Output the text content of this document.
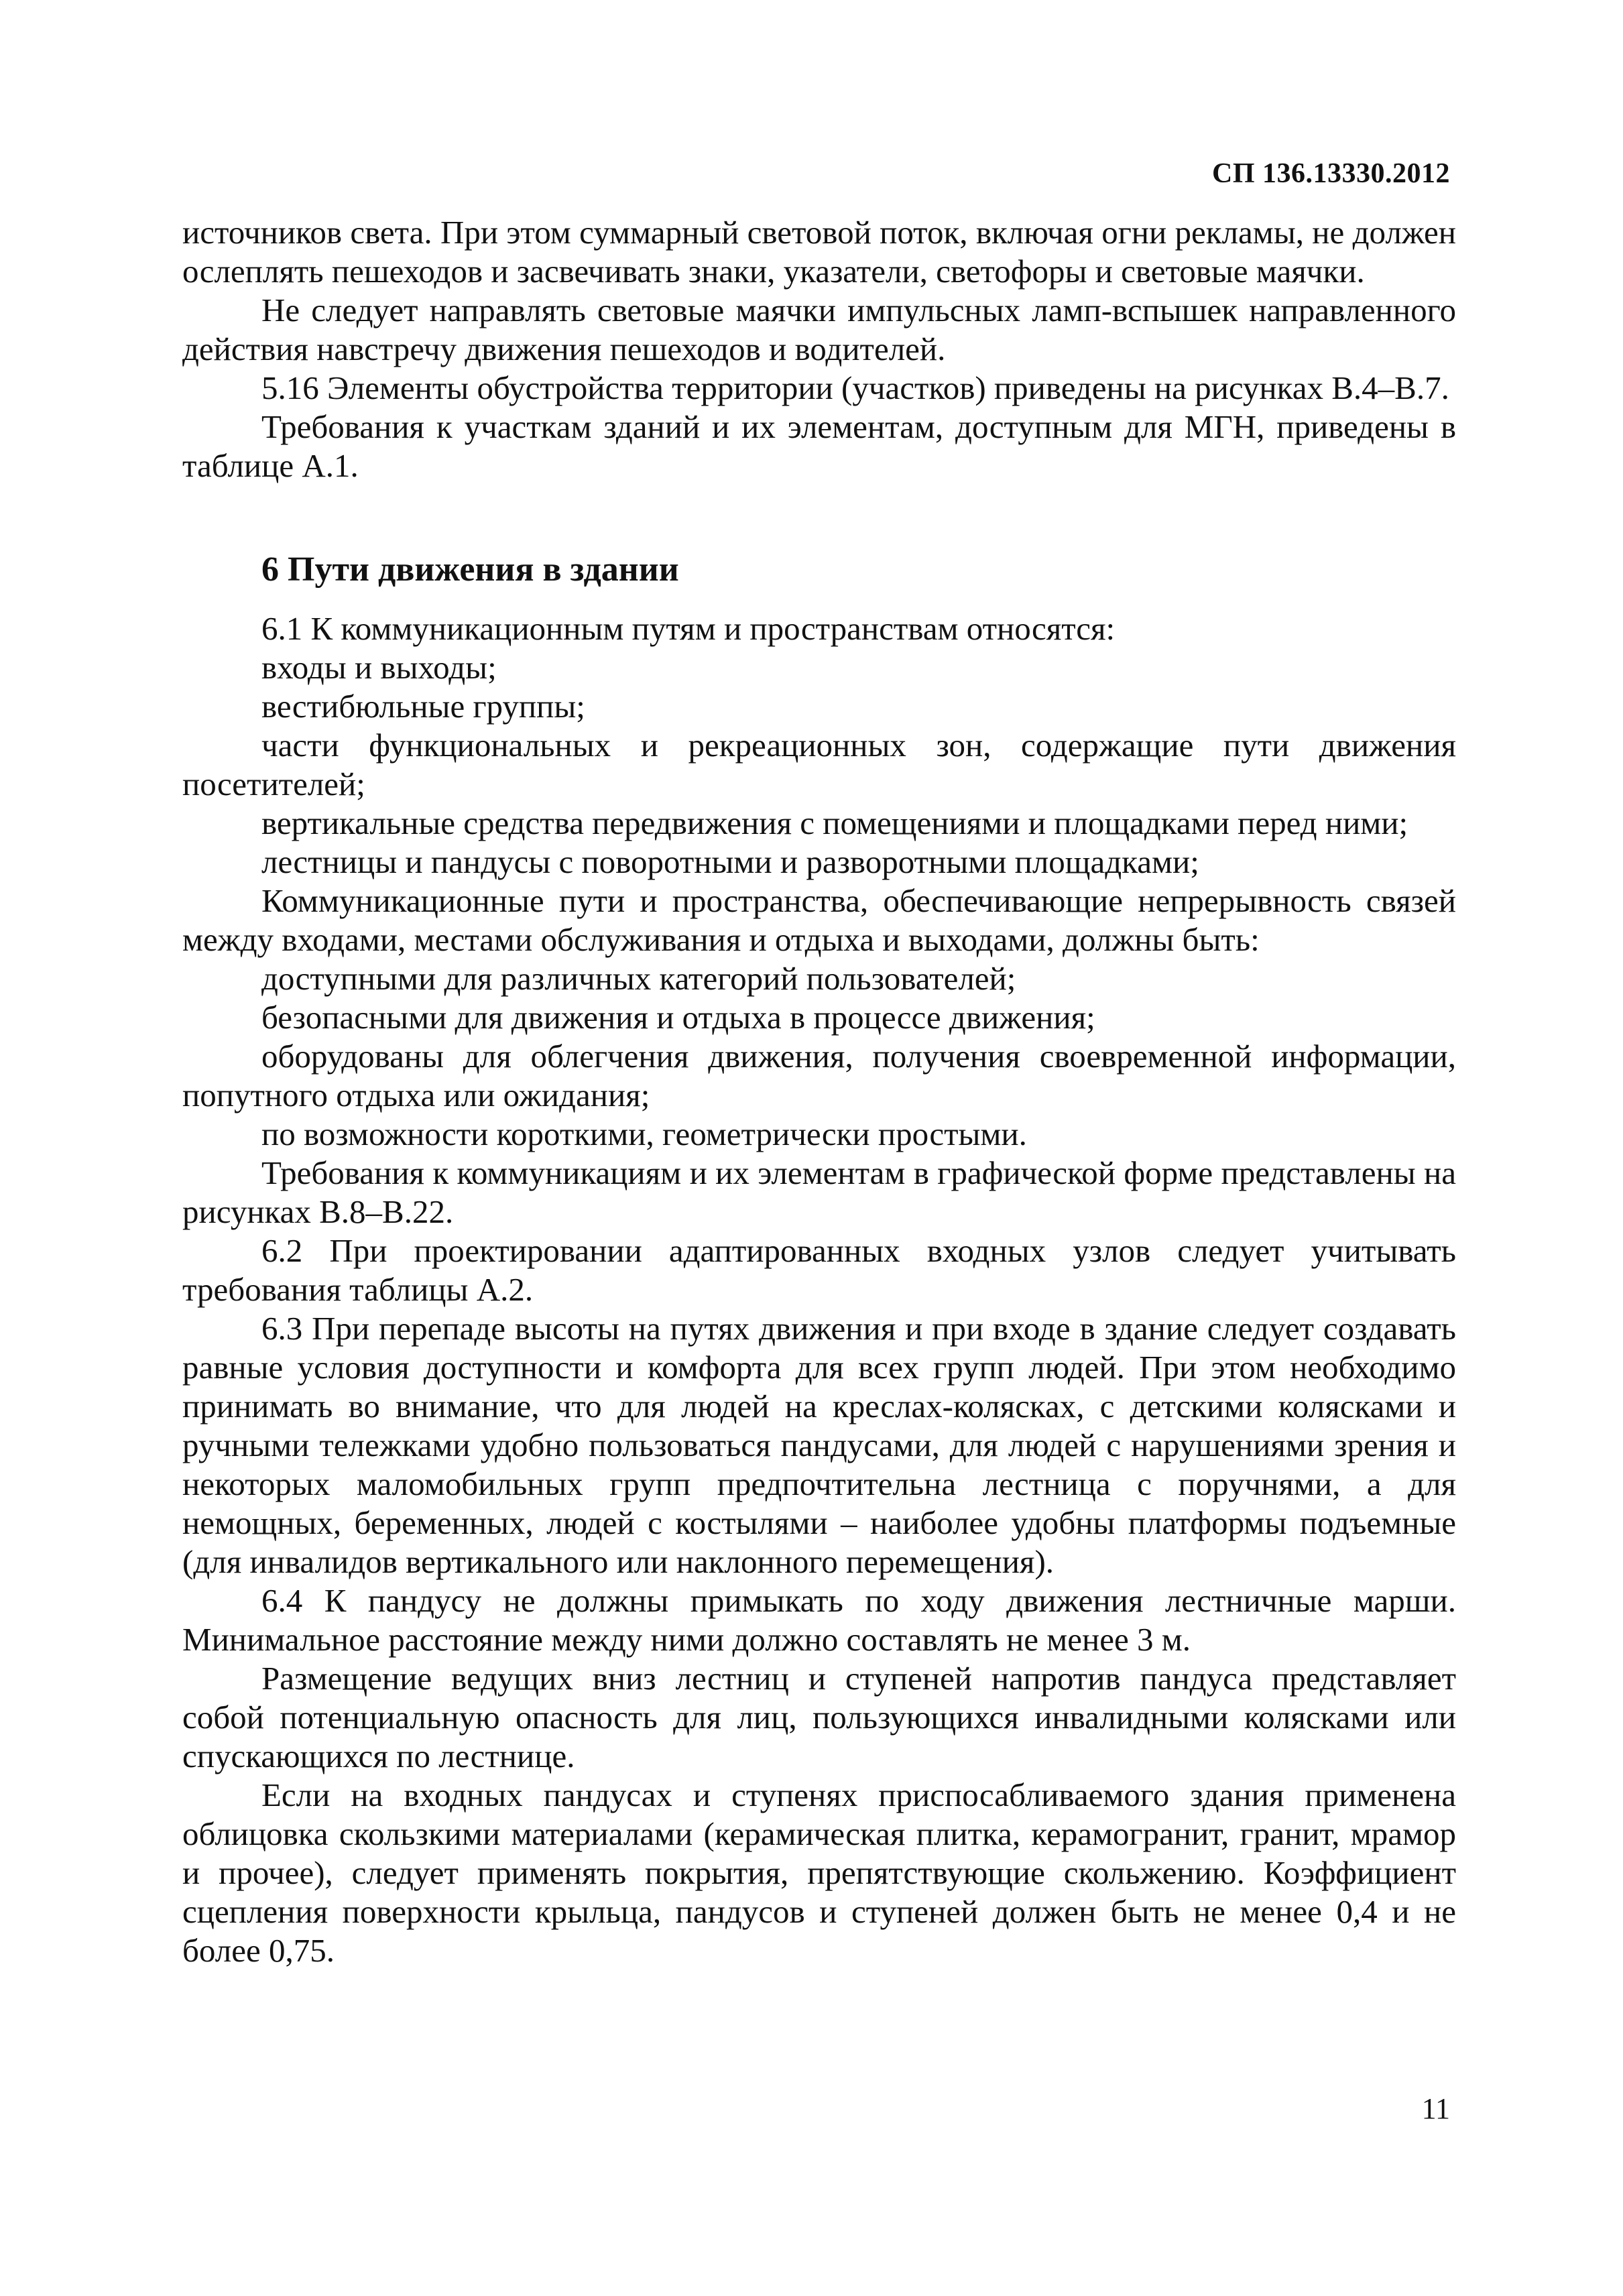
СП 136.13330.2012

источников света. При этом суммарный световой поток, включая огни рекламы, не должен ослеплять пешеходов и засвечивать знаки, указатели, светофоры и световые маячки.

Не следует направлять световые маячки импульсных ламп-вспышек направленного действия навстречу движения пешеходов и водителей.

5.16 Элементы обустройства территории (участков) приведены на рисунках В.4–В.7.

Требования к участкам зданий и их элементам, доступным для МГН, приведены в таблице А.1.

6 Пути движения в здании

6.1 К коммуникационным путям и пространствам относятся:

входы и выходы;

вестибюльные группы;

части функциональных и рекреационных зон, содержащие пути движения посетителей;

вертикальные средства передвижения с помещениями и площадками перед ними;

лестницы и пандусы с поворотными и разворотными площадками;

Коммуникационные пути и пространства, обеспечивающие непрерывность связей между входами, местами обслуживания и отдыха и выходами, должны быть:

доступными для различных категорий пользователей;

безопасными для движения и отдыха в процессе движения;

оборудованы для облегчения движения, получения своевременной информации, попутного отдыха или ожидания;

по возможности короткими, геометрически простыми.

Требования к коммуникациям и их элементам в графической форме представлены на рисунках В.8–В.22.

6.2 При проектировании адаптированных входных узлов следует учитывать требования таблицы А.2.

6.3 При перепаде высоты на путях движения и при входе в здание следует создавать равные условия доступности и комфорта для всех групп людей. При этом необходимо принимать во внимание, что для людей на креслах-колясках, с детскими колясками и ручными тележками удобно пользоваться пандусами, для людей с нарушениями зрения и некоторых маломобильных групп предпочтительна лестница с поручнями, а для немощных, беременных, людей с костылями – наиболее удобны платформы подъемные (для инвалидов вертикального или наклонного перемещения).

6.4 К пандусу не должны примыкать по ходу движения лестничные марши. Минимальное расстояние между ними должно составлять не менее 3 м.

Размещение ведущих вниз лестниц и ступеней напротив пандуса представляет собой потенциальную опасность для лиц, пользующихся инвалидными колясками или спускающихся по лестнице.

Если на входных пандусах и ступенях приспосабливаемого здания применена облицовка скользкими материалами (керамическая плитка, керамогранит, гранит, мрамор и прочее), следует применять покрытия, препятствующие скольжению. Коэффициент сцепления поверхности крыльца, пандусов и ступеней должен быть не менее 0,4 и не более 0,75.

11
